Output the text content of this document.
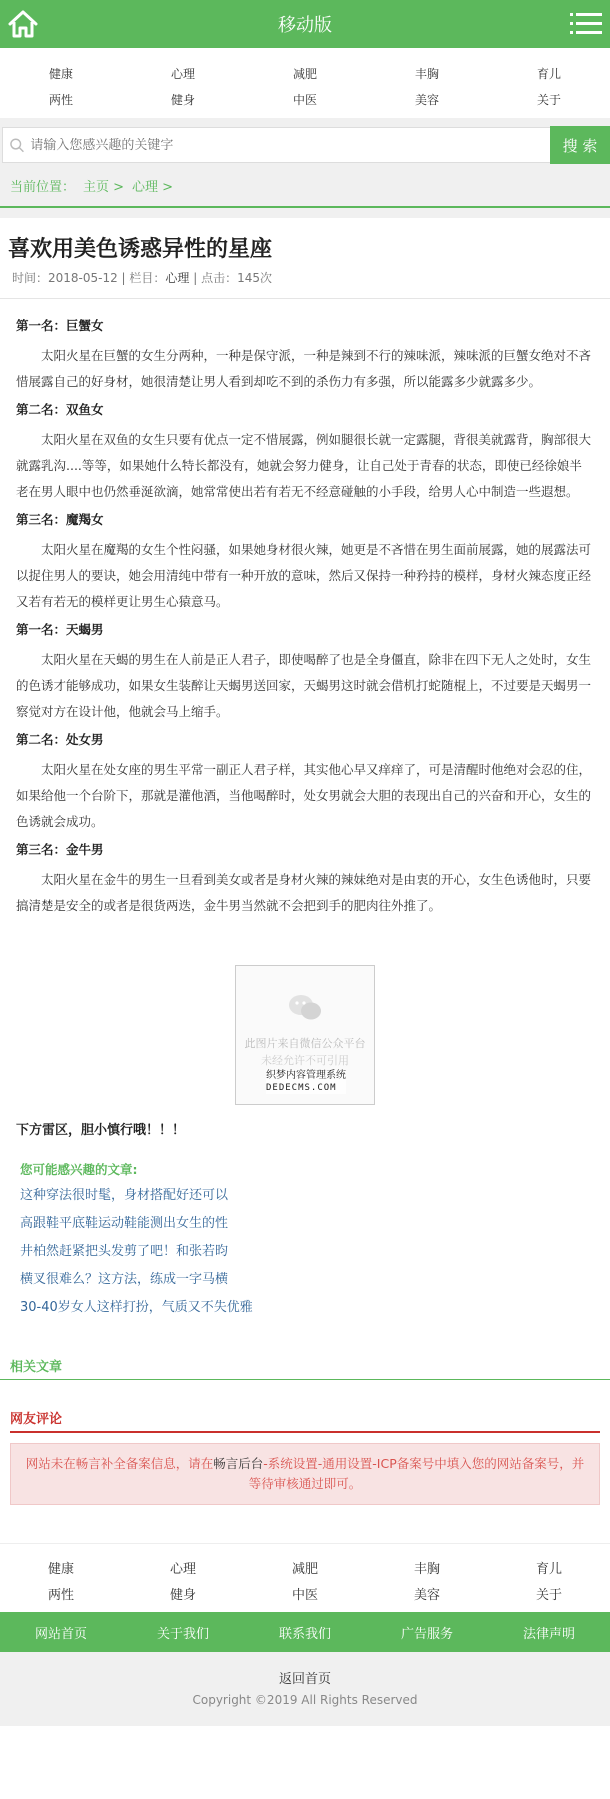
移动版
健康	心理	减肥	丰胸	育儿
两性	健身	中医	美容	关于
请输入您感兴趣的关键字
搜 索
当前位置： 主页 > 心理 >
喜欢用美色诱惑异性的星座
时间：2018-05-12 | 栏目：心理 | 点击：145次

第一名：巨蟹女

太阳火星在巨蟹的女生分两种，一种是保守派，一种是辣到不行的辣味派，辣味派的巨蟹女绝对不吝惜展露自己的好身材，她很清楚让男人看到却吃不到的杀伤力有多强，所以能露多少就露多少。

第二名：双鱼女

太阳火星在双鱼的女生只要有优点一定不惜展露，例如腿很长就一定露腿，背很美就露背，胸部很大就露乳沟....等等，如果她什么特长都没有，她就会努力健身，让自己处于青春的状态，即使已经徐娘半老在男人眼中也仍然垂涎欲滴，她常常使出若有若无不经意碰触的小手段，给男人心中制造一些遐想。

第三名：魔羯女

太阳火星在魔羯的女生个性闷骚，如果她身材很火辣，她更是不吝惜在男生面前展露，她的展露法可以捉住男人的要诀，她会用清纯中带有一种开放的意味，然后又保持一种矜持的模样，身材火辣态度正经又若有若无的模样更让男生心猿意马。

第一名：天蝎男

太阳火星在天蝎的男生在人前是正人君子，即使喝醉了也是全身僵直，除非在四下无人之处时，女生的色诱才能够成功，如果女生装醉让天蝎男送回家，天蝎男这时就会借机打蛇随棍上，不过要是天蝎男一察觉对方在设计他，他就会马上缩手。

第二名：处女男

太阳火星在处女座的男生平常一副正人君子样，其实他心早又痒痒了，可是清醒时他绝对会忍的住，如果给他一个台阶下，那就是灌他酒，当他喝醉时，处女男就会大胆的表现出自己的兴奋和开心，女生的色诱就会成功。

第三名：金牛男

太阳火星在金牛的男生一旦看到美女或者是身材火辣的辣妹绝对是由衷的开心，女生色诱他时，只要搞清楚是安全的或者是很货两迭，金牛男当然就不会把到手的肥肉往外推了。

此图片来自微信公众平台
未经允许不可引用
织梦内容管理系统
DEDECMS.COM
下方雷区，胆小慎行哦！！！
您可能感兴趣的文章:
这种穿法很时髦，身材搭配好还可以
高跟鞋平底鞋运动鞋能测出女生的性
井柏然赶紧把头发剪了吧！和张若昀
横叉很难么？这方法，练成一字马横
30-40岁女人这样打扮，气质又不失优雅
相关文章
网友评论
网站未在畅言补全备案信息，请在畅言后台-系统设置-通用设置-ICP备案号中填入您的网站备案号，并等待审核通过即可。
健康	心理	减肥	丰胸	育儿
两性	健身	中医	美容	关于
网站首页	关于我们	联系我们	广告服务	法律声明
返回首页
Copyright ©2019 All Rights Reserved
